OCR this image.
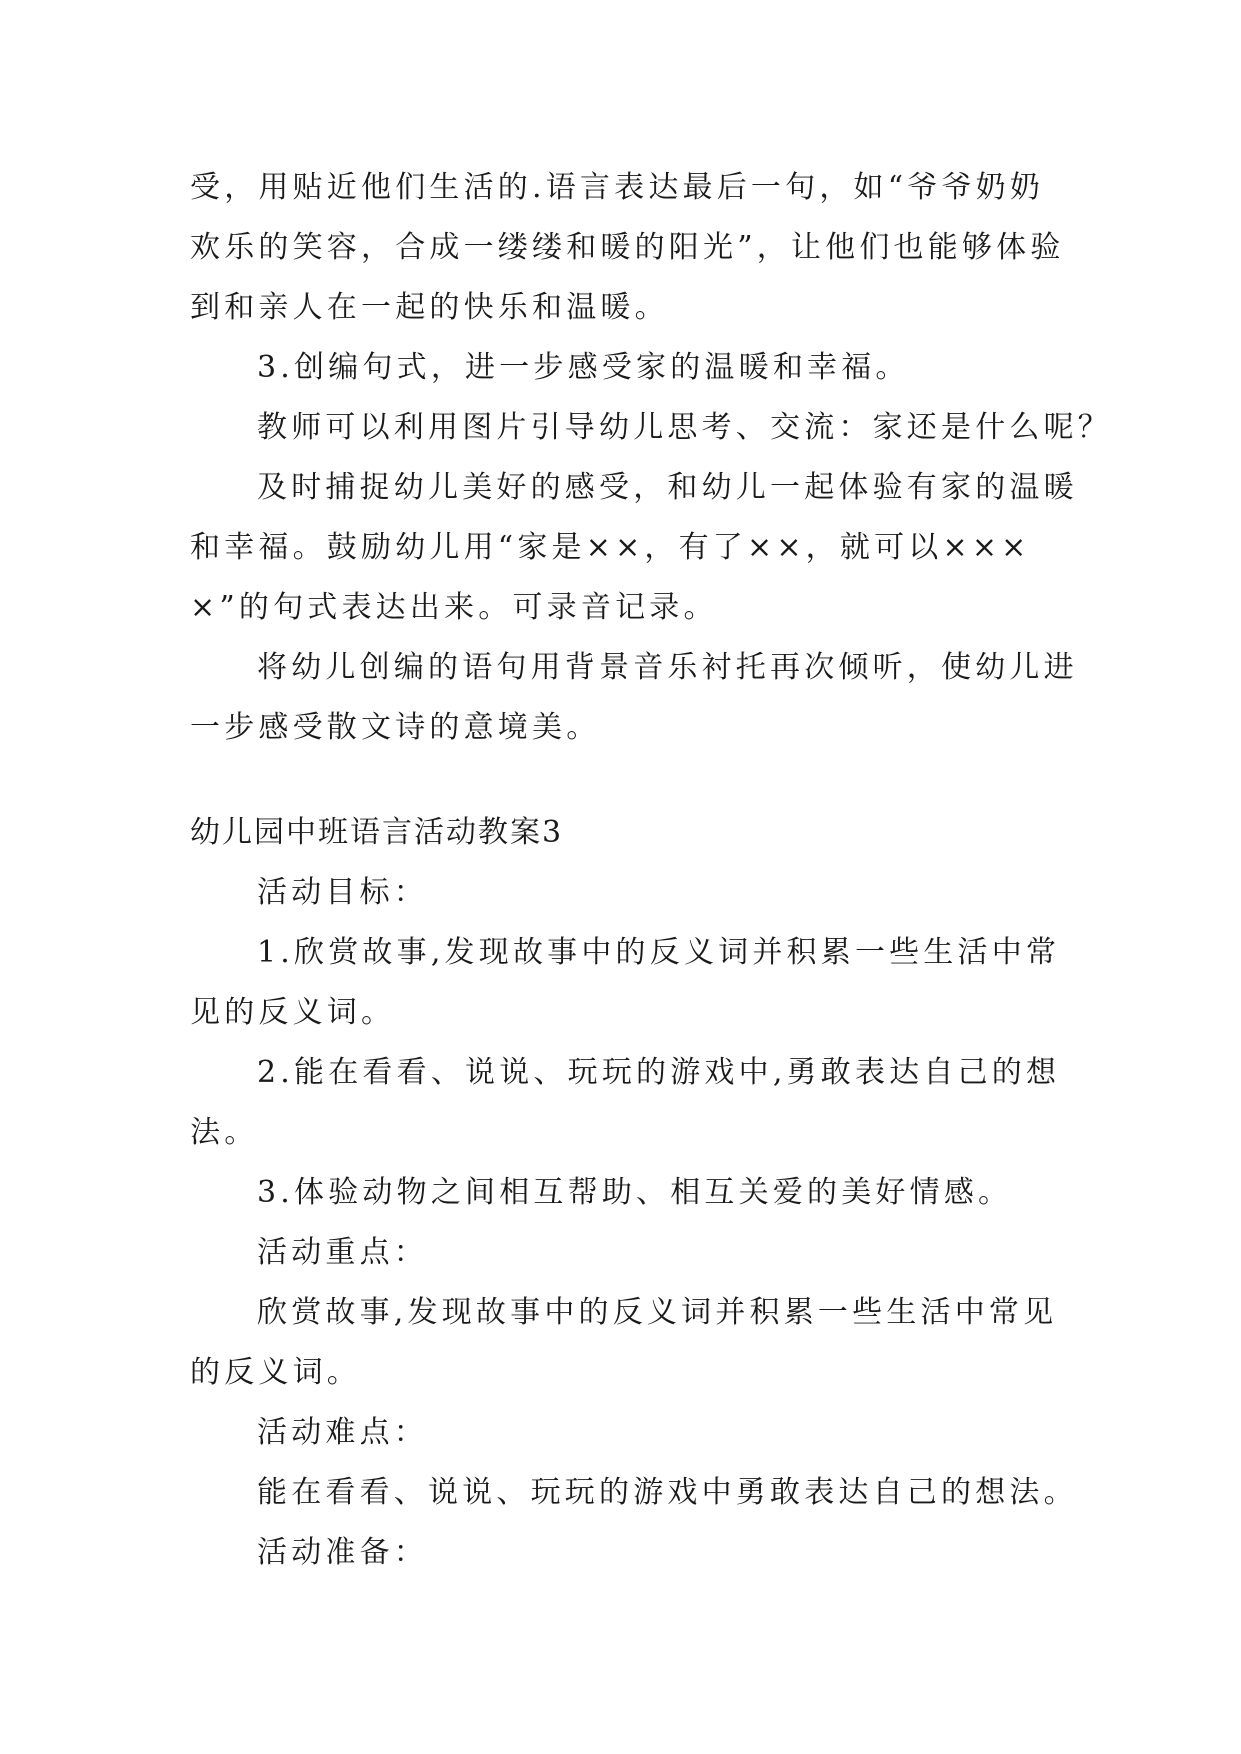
受，用贴近他们生活的.语言表达最后一句，如“爷爷奶奶
欢乐的笑容，合成一缕缕和暖的阳光”，让他们也能够体验
到和亲人在一起的快乐和温暖。
3.创编句式，进一步感受家的温暖和幸福。
教师可以利用图片引导幼儿思考、交流：家还是什么呢？
及时捕捉幼儿美好的感受，和幼儿一起体验有家的温暖
和幸福。鼓励幼儿用“家是××，有了××，就可以×××
×”的句式表达出来。可录音记录。
将幼儿创编的语句用背景音乐衬托再次倾听，使幼儿进
一步感受散文诗的意境美。
幼儿园中班语言活动教案3
活动目标：
1.欣赏故事,发现故事中的反义词并积累一些生活中常
见的反义词。
2.能在看看、说说、玩玩的游戏中,勇敢表达自己的想
法。
3.体验动物之间相互帮助、相互关爱的美好情感。
活动重点：
欣赏故事,发现故事中的反义词并积累一些生活中常见
的反义词。
活动难点：
能在看看、说说、玩玩的游戏中勇敢表达自己的想法。
活动准备：
